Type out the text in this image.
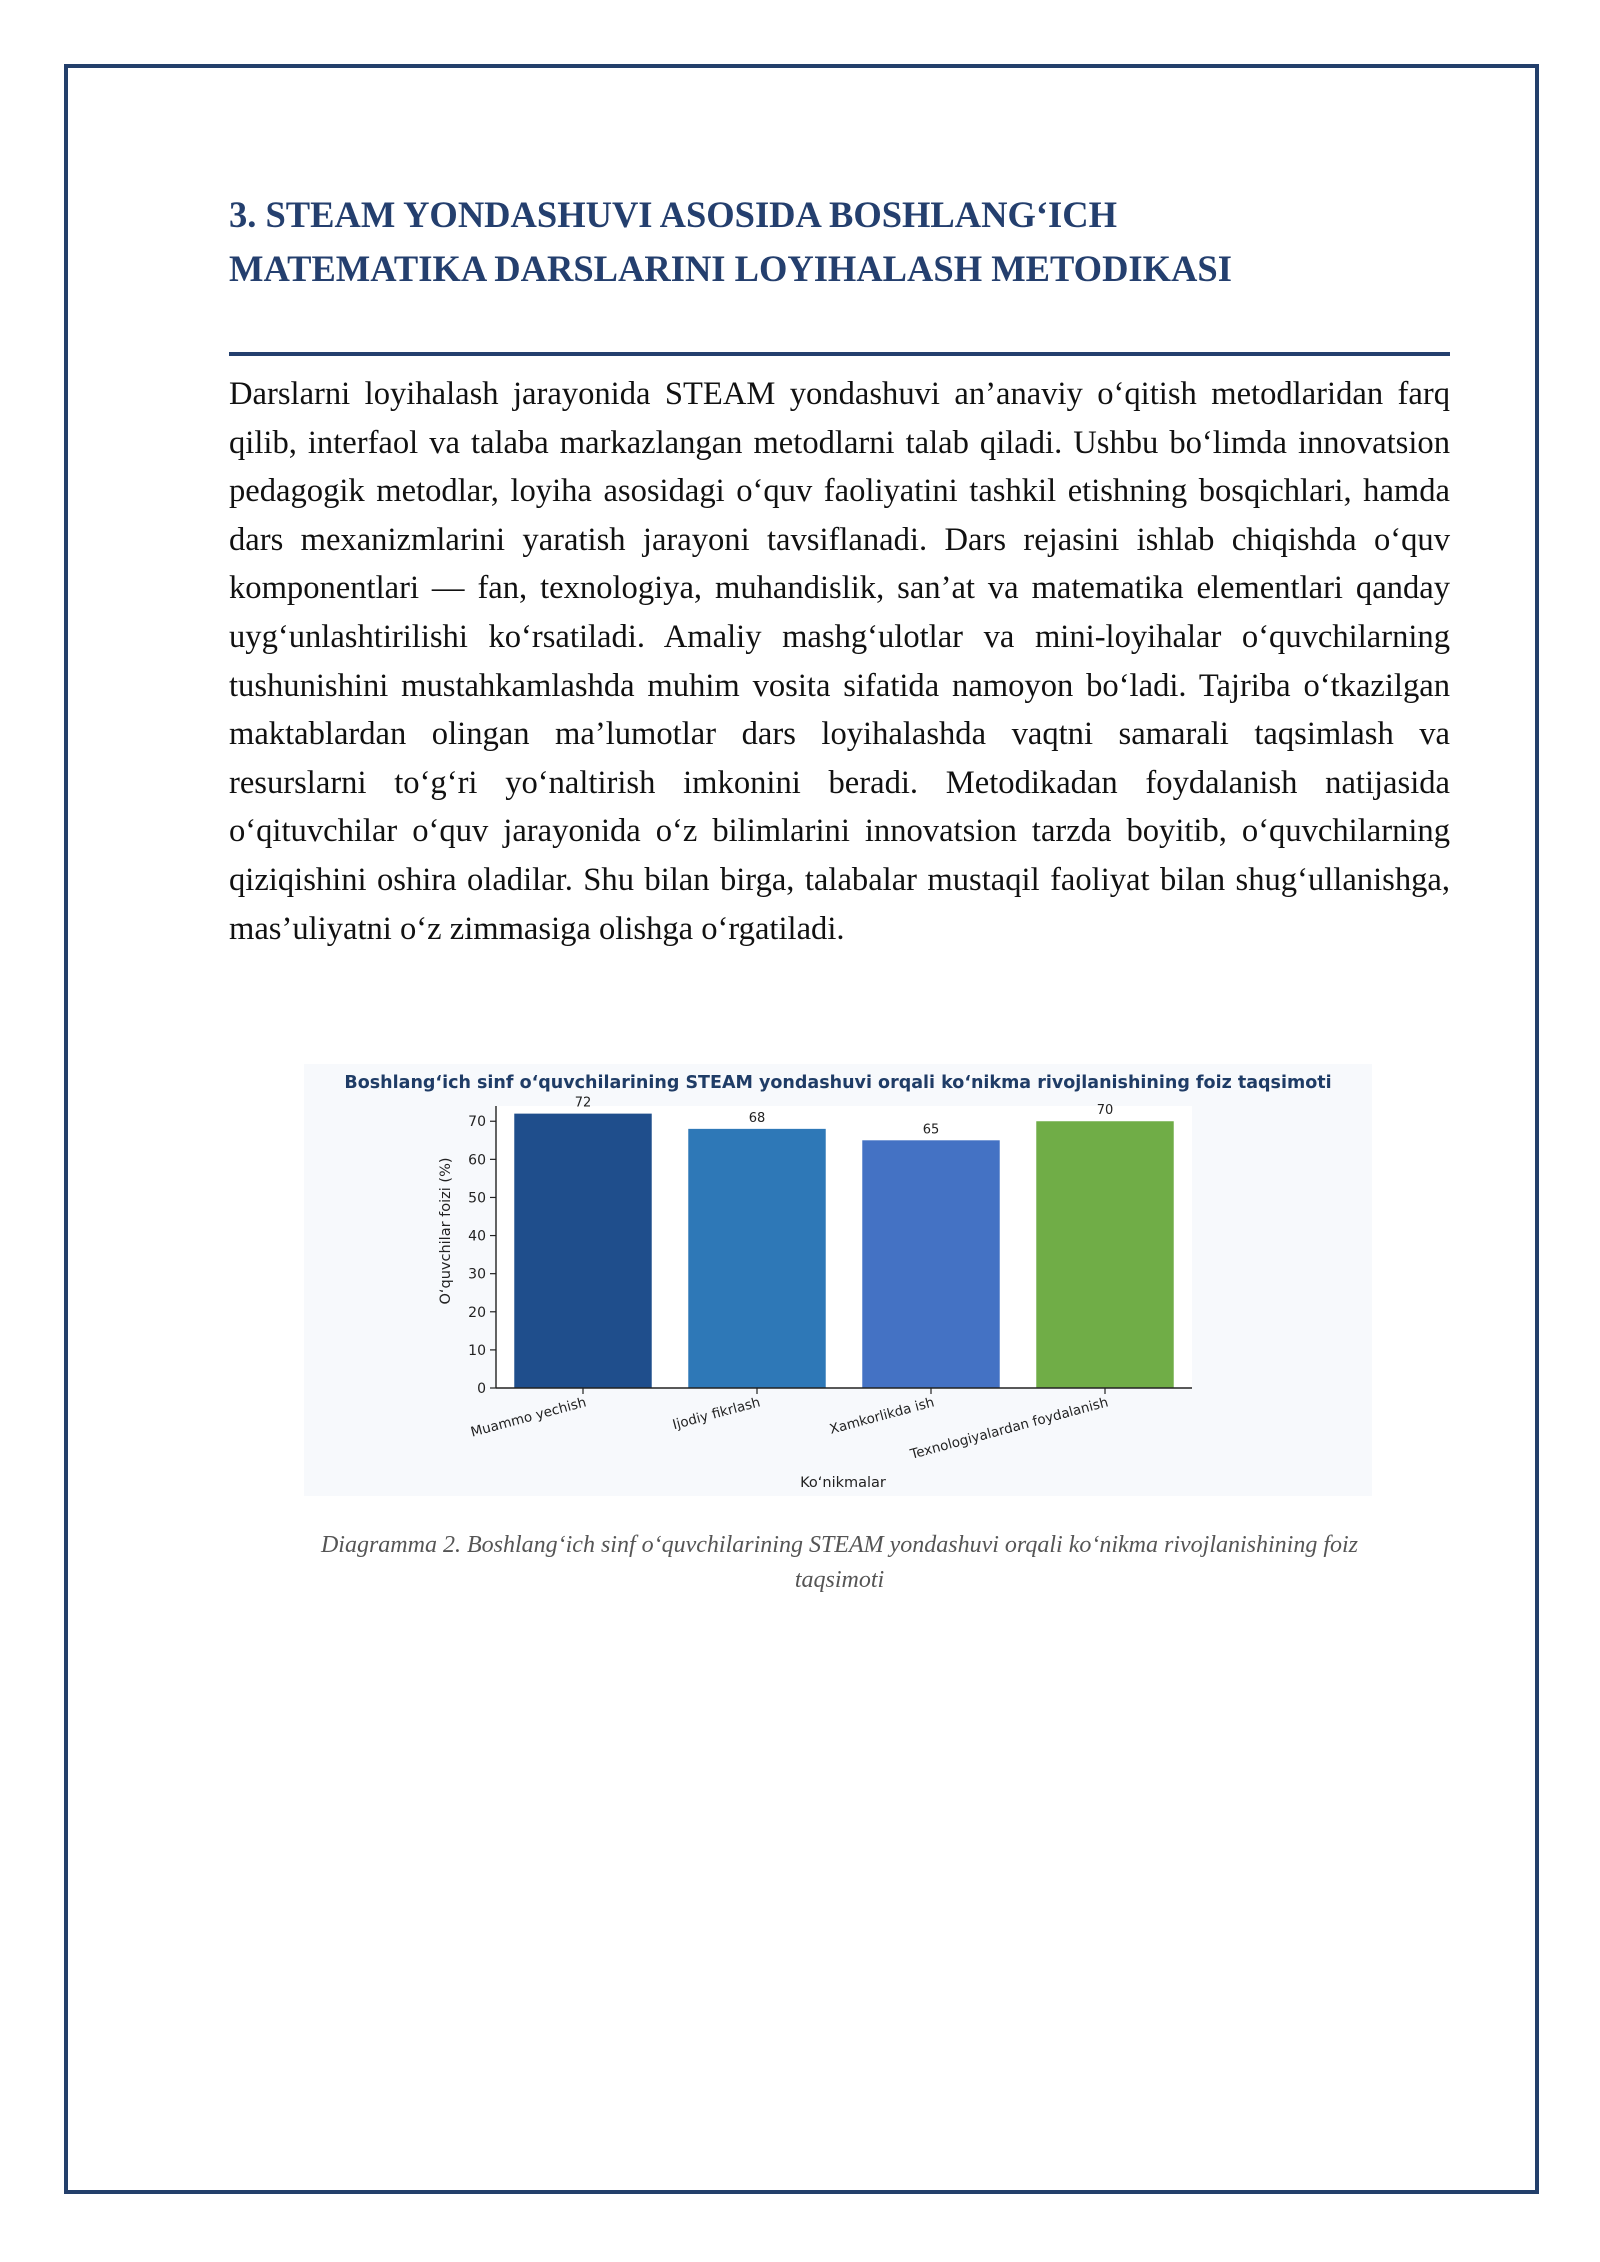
3. STEAM YONDASHUVI ASOSIDA BOSHLANG‘ICH
MATEMATIKA DARSLARINI LOYIHALASH METODIKASI

Darslarni loyihalash jarayonida STEAM yondashuvi an’anaviy o‘qitish metodlaridan farq qilib, interfaol va talaba markazlangan metodlarni talab qiladi. Ushbu bo‘limda innovatsion pedagogik metodlar, loyiha asosidagi o‘quv faoliyatini tashkil etishning bosqichlari, hamda dars mexanizmlarini yaratish jarayoni tavsiflanadi. Dars rejasini ishlab chiqishda o‘quv komponentlari — fan, texnologiya, muhandislik, san’at va matematika elementlari qanday uyg‘unlashtirilishi ko‘rsatiladi. Amaliy mashg‘ulotlar va mini-loyihalar o‘quvchilarning tushunishini mustahkamlashda muhim vosita sifatida namoyon bo‘ladi. Tajriba o‘tkazilgan maktablardan olingan ma’lumotlar dars loyihalashda vaqtni samarali taqsimlash va resurslarni to‘g‘ri yo‘naltirish imkonini beradi. Metodikadan foydalanish natijasida o‘qituvchilar o‘quv jarayonida o‘z bilimlarini innovatsion tarzda boyitib, o‘quvchilarning qiziqishini oshira oladilar. Shu bilan birga, talabalar mustaqil faoliyat bilan shug‘ullanishga, mas’uliyatni o‘z zimmasiga olishga o‘rgatiladi.

Boshlang‘ich sinf o‘quvchilarining STEAM yondashuvi orqali ko‘nikma rivojlanishining foiz taqsimoti
O‘quvchilar foizi (%)
Ko‘nikmalar
0
10
20
30
40
50
60
70
72
Muammo yechish
68
Ijodiy fikrlash
65
Xamkorlikda ish
70
Texnologiyalardan foydalanish
Diagramma 2. Boshlang‘ich sinf o‘quvchilarining STEAM yondashuvi orqali ko‘nikma rivojlanishining foiz
taqsimoti
